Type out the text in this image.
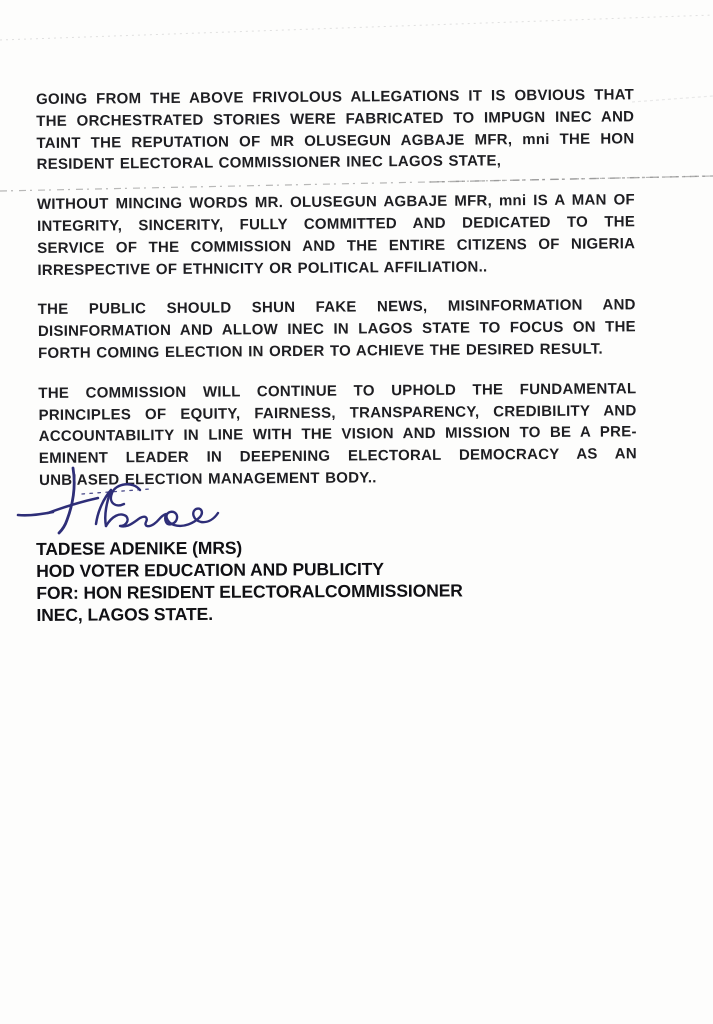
GOING FROM THE ABOVE FRIVOLOUS ALLEGATIONS IT IS OBVIOUS THAT
THE ORCHESTRATED STORIES WERE FABRICATED TO IMPUGN INEC AND
TAINT THE REPUTATION OF MR OLUSEGUN AGBAJE MFR, mni THE HON
RESIDENT ELECTORAL COMMISSIONER INEC LAGOS STATE,
WITHOUT MINCING WORDS MR. OLUSEGUN AGBAJE MFR, mni IS A MAN OF
INTEGRITY, SINCERITY, FULLY COMMITTED AND DEDICATED TO THE
SERVICE OF THE COMMISSION AND THE ENTIRE CITIZENS OF NIGERIA
IRRESPECTIVE OF ETHNICITY OR POLITICAL AFFILIATION..
THE PUBLIC SHOULD SHUN FAKE NEWS, MISINFORMATION AND
DISINFORMATION AND ALLOW INEC IN LAGOS STATE TO FOCUS ON THE
FORTH COMING ELECTION IN ORDER TO ACHIEVE THE DESIRED RESULT.
THE COMMISSION WILL CONTINUE TO UPHOLD THE FUNDAMENTAL
PRINCIPLES OF EQUITY, FAIRNESS, TRANSPARENCY, CREDIBILITY AND
ACCOUNTABILITY IN LINE WITH THE VISION AND MISSION TO BE A PRE-
EMINENT LEADER IN DEEPENING ELECTORAL DEMOCRACY AS AN
UNBIASED ELECTION MANAGEMENT BODY..
TADESE ADENIKE (MRS)
HOD VOTER EDUCATION AND PUBLICITY
FOR: HON RESIDENT ELECTORALCOMMISSIONER
INEC, LAGOS STATE.
